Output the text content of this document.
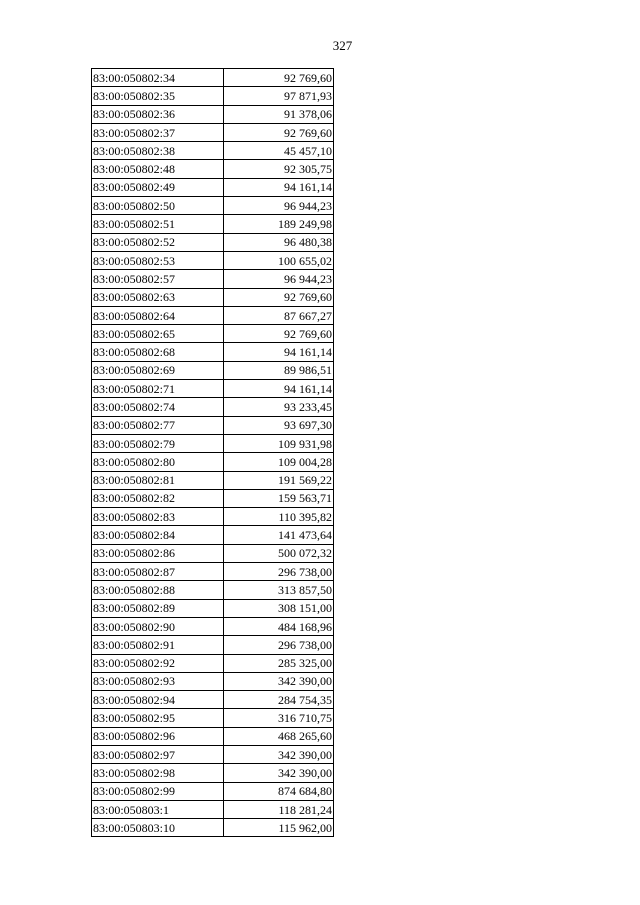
327
83:00:050802:34	92 769,60
83:00:050802:35	97 871,93
83:00:050802:36	91 378,06
83:00:050802:37	92 769,60
83:00:050802:38	45 457,10
83:00:050802:48	92 305,75
83:00:050802:49	94 161,14
83:00:050802:50	96 944,23
83:00:050802:51	189 249,98
83:00:050802:52	96 480,38
83:00:050802:53	100 655,02
83:00:050802:57	96 944,23
83:00:050802:63	92 769,60
83:00:050802:64	87 667,27
83:00:050802:65	92 769,60
83:00:050802:68	94 161,14
83:00:050802:69	89 986,51
83:00:050802:71	94 161,14
83:00:050802:74	93 233,45
83:00:050802:77	93 697,30
83:00:050802:79	109 931,98
83:00:050802:80	109 004,28
83:00:050802:81	191 569,22
83:00:050802:82	159 563,71
83:00:050802:83	110 395,82
83:00:050802:84	141 473,64
83:00:050802:86	500 072,32
83:00:050802:87	296 738,00
83:00:050802:88	313 857,50
83:00:050802:89	308 151,00
83:00:050802:90	484 168,96
83:00:050802:91	296 738,00
83:00:050802:92	285 325,00
83:00:050802:93	342 390,00
83:00:050802:94	284 754,35
83:00:050802:95	316 710,75
83:00:050802:96	468 265,60
83:00:050802:97	342 390,00
83:00:050802:98	342 390,00
83:00:050802:99	874 684,80
83:00:050803:1	118 281,24
83:00:050803:10	115 962,00
